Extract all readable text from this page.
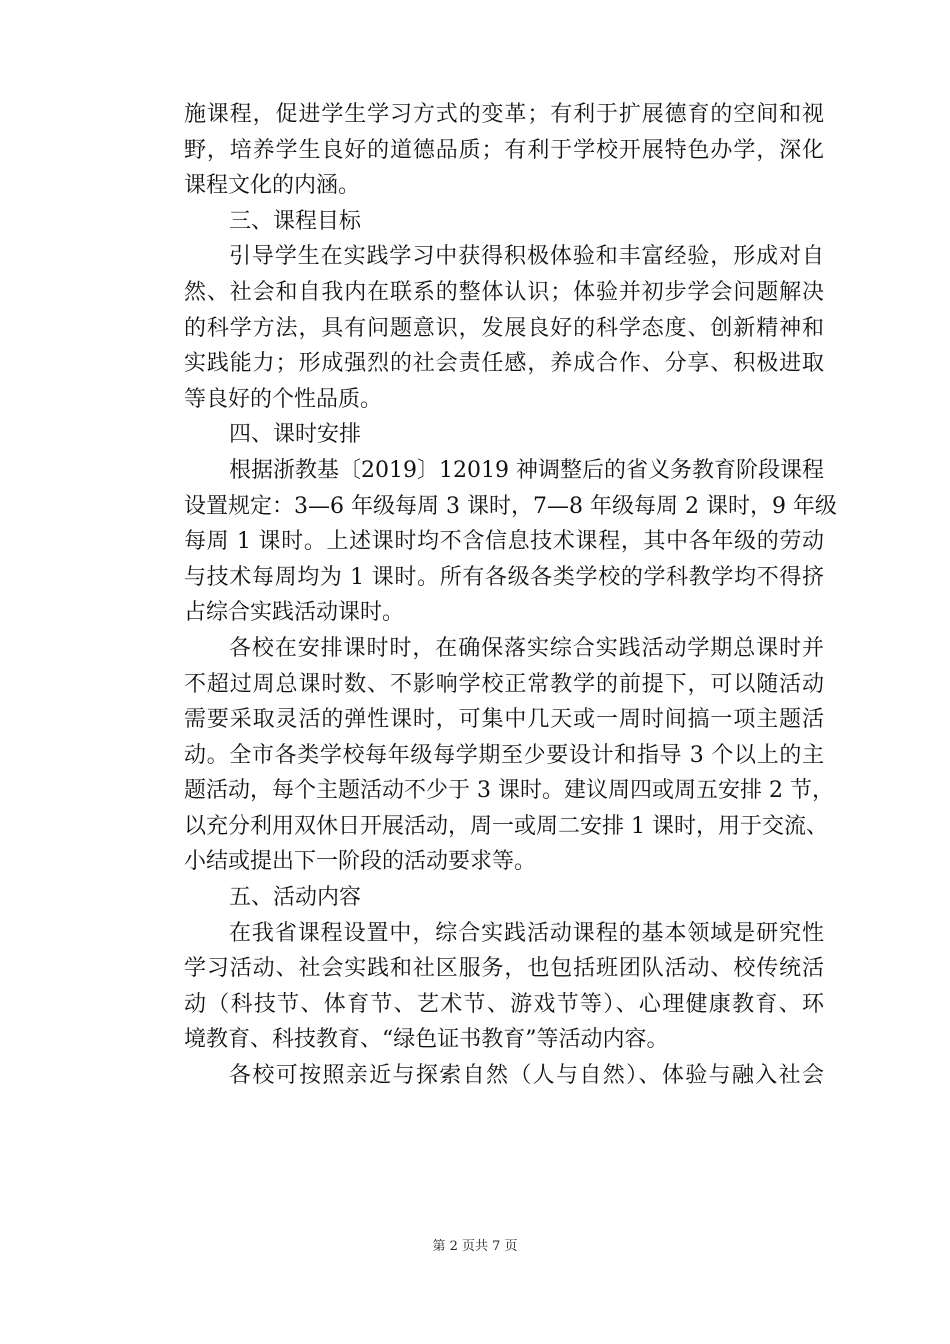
施课程，促进学生学习方式的变革；有利于扩展德育的空间和视
野，培养学生良好的道德品质；有利于学校开展特色办学，深化
课程文化的内涵。
三、课程目标
引导学生在实践学习中获得积极体验和丰富经验，形成对自
然、社会和自我内在联系的整体认识；体验并初步学会问题解决
的科学方法，具有问题意识，发展良好的科学态度、创新精神和
实践能力；形成强烈的社会责任感，养成合作、分享、积极进取
等良好的个性品质。
四、课时安排
根据浙教基〔2019〕12019 神调整后的省义务教育阶段课程
设置规定：3—6 年级每周 3 课时，7—8 年级每周 2 课时，9 年级
每周 1 课时。上述课时均不含信息技术课程，其中各年级的劳动
与技术每周均为 1 课时。所有各级各类学校的学科教学均不得挤
占综合实践活动课时。
各校在安排课时时，在确保落实综合实践活动学期总课时并
不超过周总课时数、不影响学校正常教学的前提下，可以随活动
需要采取灵活的弹性课时，可集中几天或一周时间搞一项主题活
动。全市各类学校每年级每学期至少要设计和指导 3 个以上的主
题活动，每个主题活动不少于 3 课时。建议周四或周五安排 2 节，
以充分利用双休日开展活动，周一或周二安排 1 课时，用于交流、
小结或提出下一阶段的活动要求等。
五、活动内容
在我省课程设置中，综合实践活动课程的基本领域是研究性
学习活动、社会实践和社区服务，也包括班团队活动、校传统活
动（科技节、体育节、艺术节、游戏节等）、心理健康教育、环
境教育、科技教育、“绿色证书教育”等活动内容。
各校可按照亲近与探索自然（人与自然）、体验与融入社会
第 2 页共 7 页
